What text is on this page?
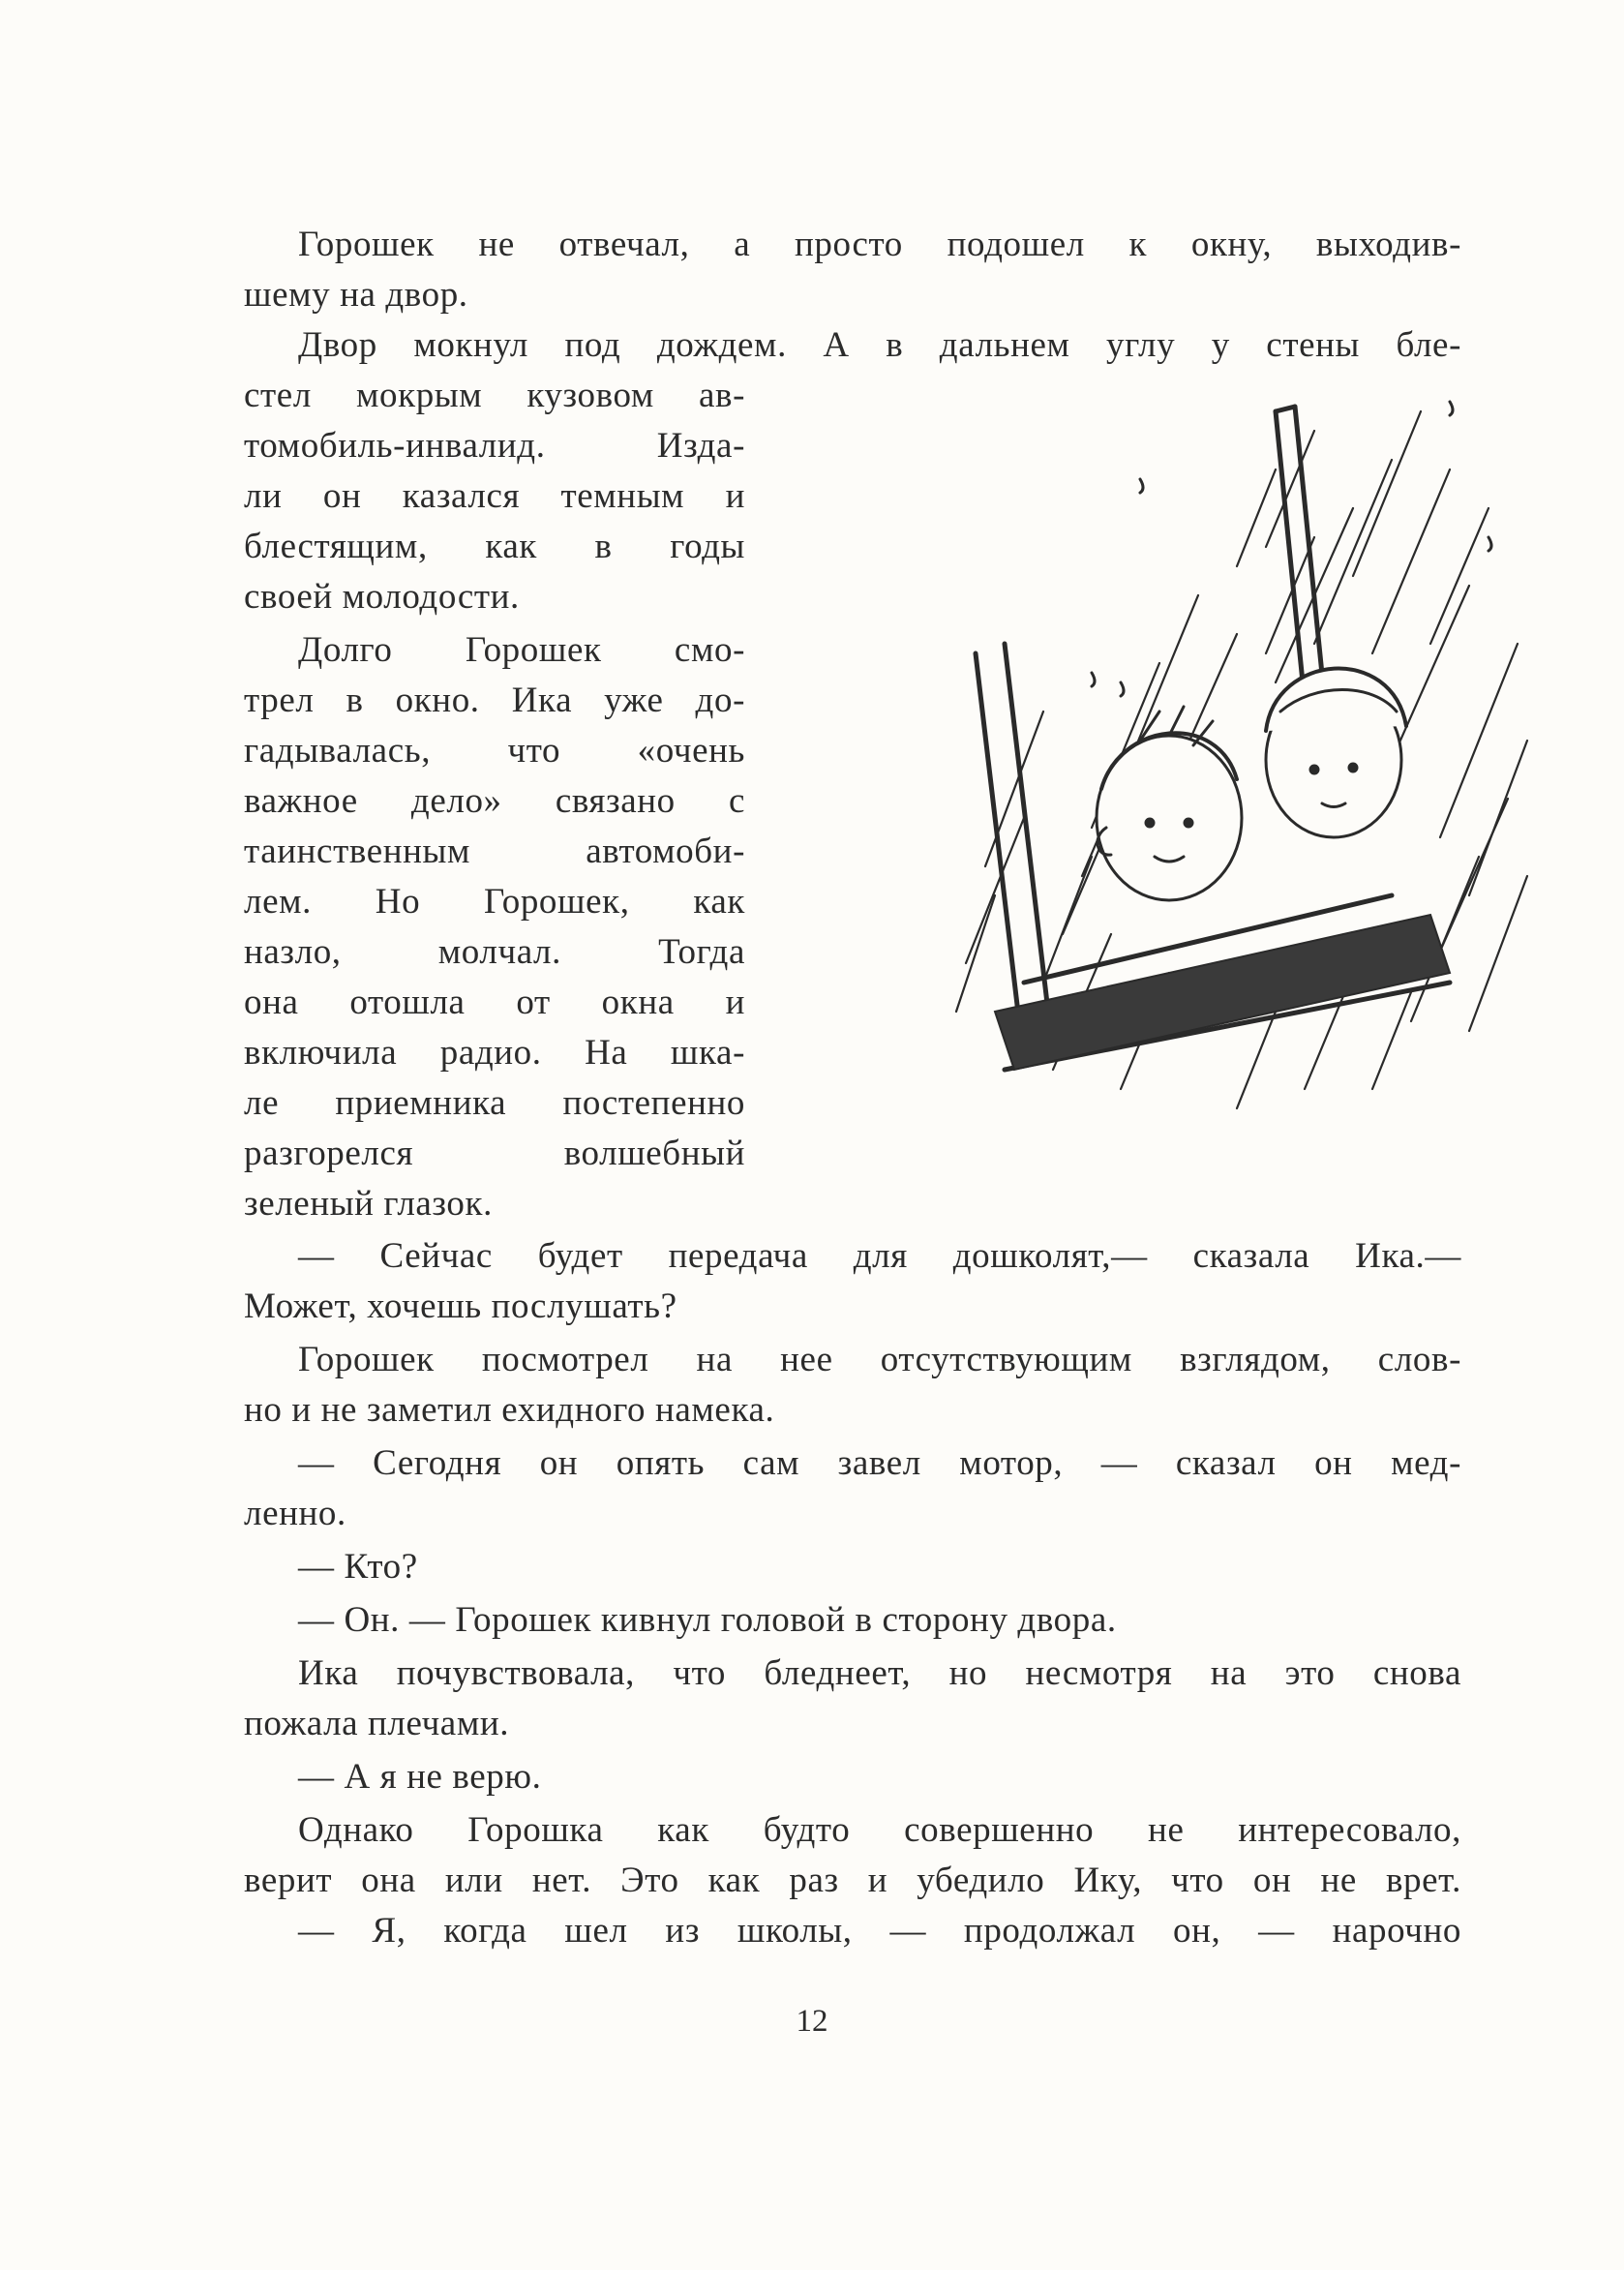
Горошек не отвечал, а просто подошел к окну, выходив-
шему на двор.
Двор мокнул под дождем. А в дальнем углу у стены бле-
стел мокрым кузовом ав-
томобиль-инвалид. Изда-
ли он казался темным и
блестящим, как в годы
своей молодости.
Долго Горошек смо-
трел в окно. Ика уже до-
гадывалась, что «очень
важное дело» связано с
таинственным автомоби-
лем. Но Горошек, как
назло, молчал. Тогда
она отошла от окна и
включила радио. На шка-
ле приемника постепенно
разгорелся волшебный
зеленый глазок.
— Сейчас будет передача для дошколят,— сказала Ика.—
Может, хочешь послушать?
Горошек посмотрел на нее отсутствующим взглядом, слов-
но и не заметил ехидного намека.
— Сегодня он опять сам завел мотор, — сказал он мед-
ленно.
— Кто?
— Он. — Горошек кивнул головой в сторону двора.
Ика почувствовала, что бледнеет, но несмотря на это снова
пожала плечами.
— А я не верю.
Однако Горошка как будто совершенно не интересовало,
верит она или нет. Это как раз и убедило Ику, что он не врет.
— Я, когда шел из школы, — продолжал он, — нарочно
12
